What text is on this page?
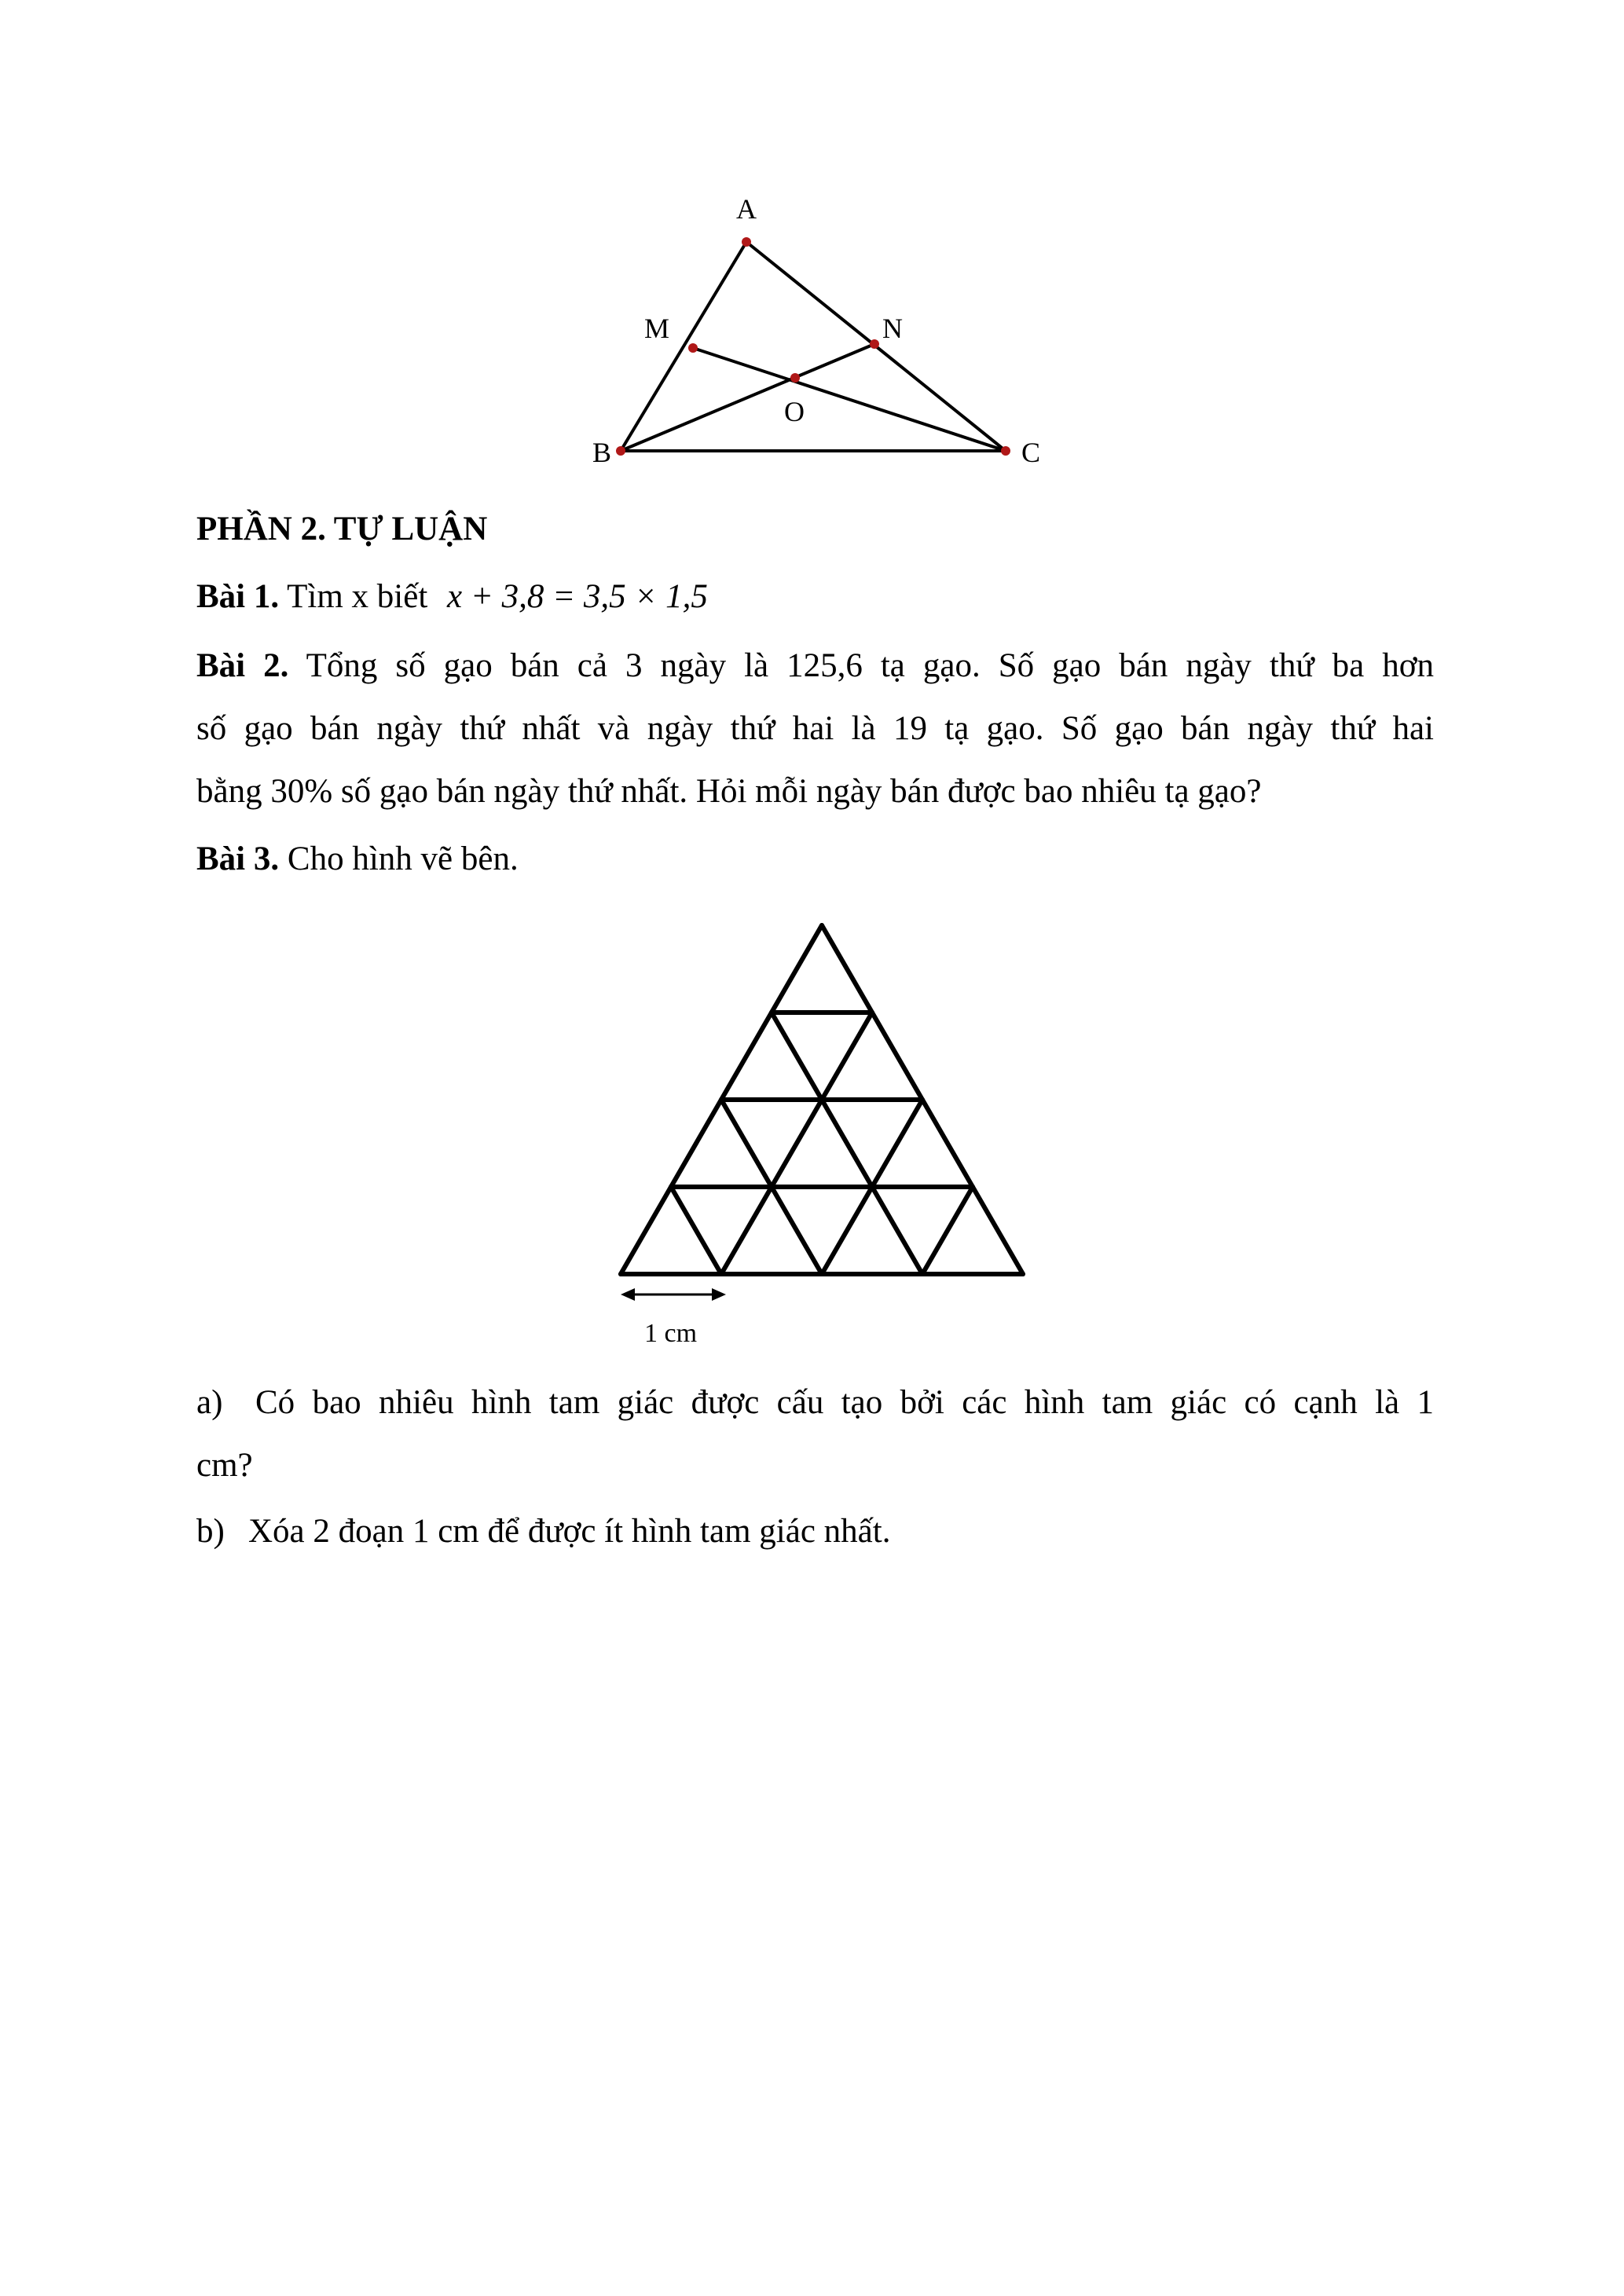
A
B	C
M	N
O
PHẦN 2. TỰ LUẬN
Bài 1. Tìm x biết x + 3,8 = 3,5 × 1,5
Bài 2. Tổng số gạo bán cả 3 ngày là 125,6 tạ gạo. Số gạo bán ngày thứ ba hơn
số gạo bán ngày thứ nhất và ngày thứ hai là 19 tạ gạo. Số gạo bán ngày thứ hai
bằng 30% số gạo bán ngày thứ nhất. Hỏi mỗi ngày bán được bao nhiêu tạ gạo?
Bài 3. Cho hình vẽ bên.
1 cm
a) Có bao nhiêu hình tam giác được cấu tạo bởi các hình tam giác có cạnh là 1
cm?
b) Xóa 2 đoạn 1 cm để được ít hình tam giác nhất.
